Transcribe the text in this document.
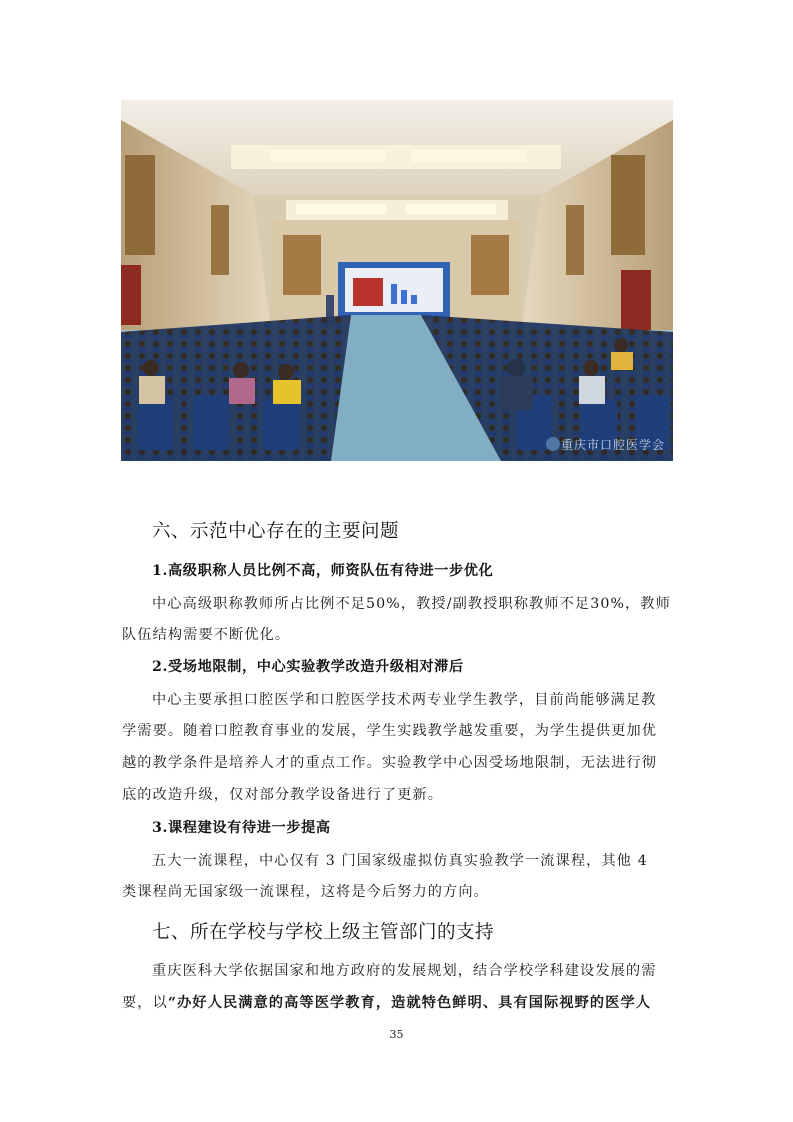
重庆市口腔医学会
六、示范中心存在的主要问题
1.高级职称人员比例不高，师资队伍有待进一步优化
中心高级职称教师所占比例不足50%，教授/副教授职称教师不足30%，教师
队伍结构需要不断优化。
2.受场地限制，中心实验教学改造升级相对滞后
中心主要承担口腔医学和口腔医学技术两专业学生教学，目前尚能够满足教
学需要。随着口腔教育事业的发展，学生实践教学越发重要，为学生提供更加优
越的教学条件是培养人才的重点工作。实验教学中心因受场地限制，无法进行彻
底的改造升级，仅对部分教学设备进行了更新。
3.课程建设有待进一步提高
五大一流课程，中心仅有 3 门国家级虚拟仿真实验教学一流课程，其他 4
类课程尚无国家级一流课程，这将是今后努力的方向。
七、所在学校与学校上级主管部门的支持
重庆医科大学依据国家和地方政府的发展规划，结合学校学科建设发展的需
要，以“办好人民满意的高等医学教育，造就特色鲜明、具有国际视野的医学人
35
